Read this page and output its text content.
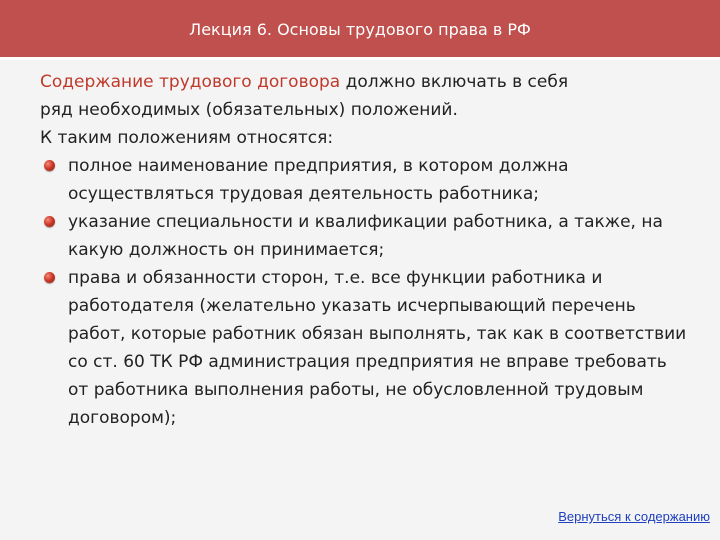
Лекция 6. Основы трудового права в РФ

Содержание трудового договора должно включать в себя

ряд необходимых (обязательных) положений.

К таким положениям относятся:

полное наименование предприятия, в котором должна осуществляться трудовая деятельность работника;
указание специальности и квалификации работника, а также, на какую должность он принимается;
права и обязанности сторон, т.е. все функции работника и работодателя (желательно указать исчерпывающий перечень работ, которые работник обязан выполнять, так как в соответствии со ст. 60 ТК РФ администрация предприятия не вправе требовать от работника выполнения работы, не обусловленной трудовым договором);
Вернуться к содержанию
